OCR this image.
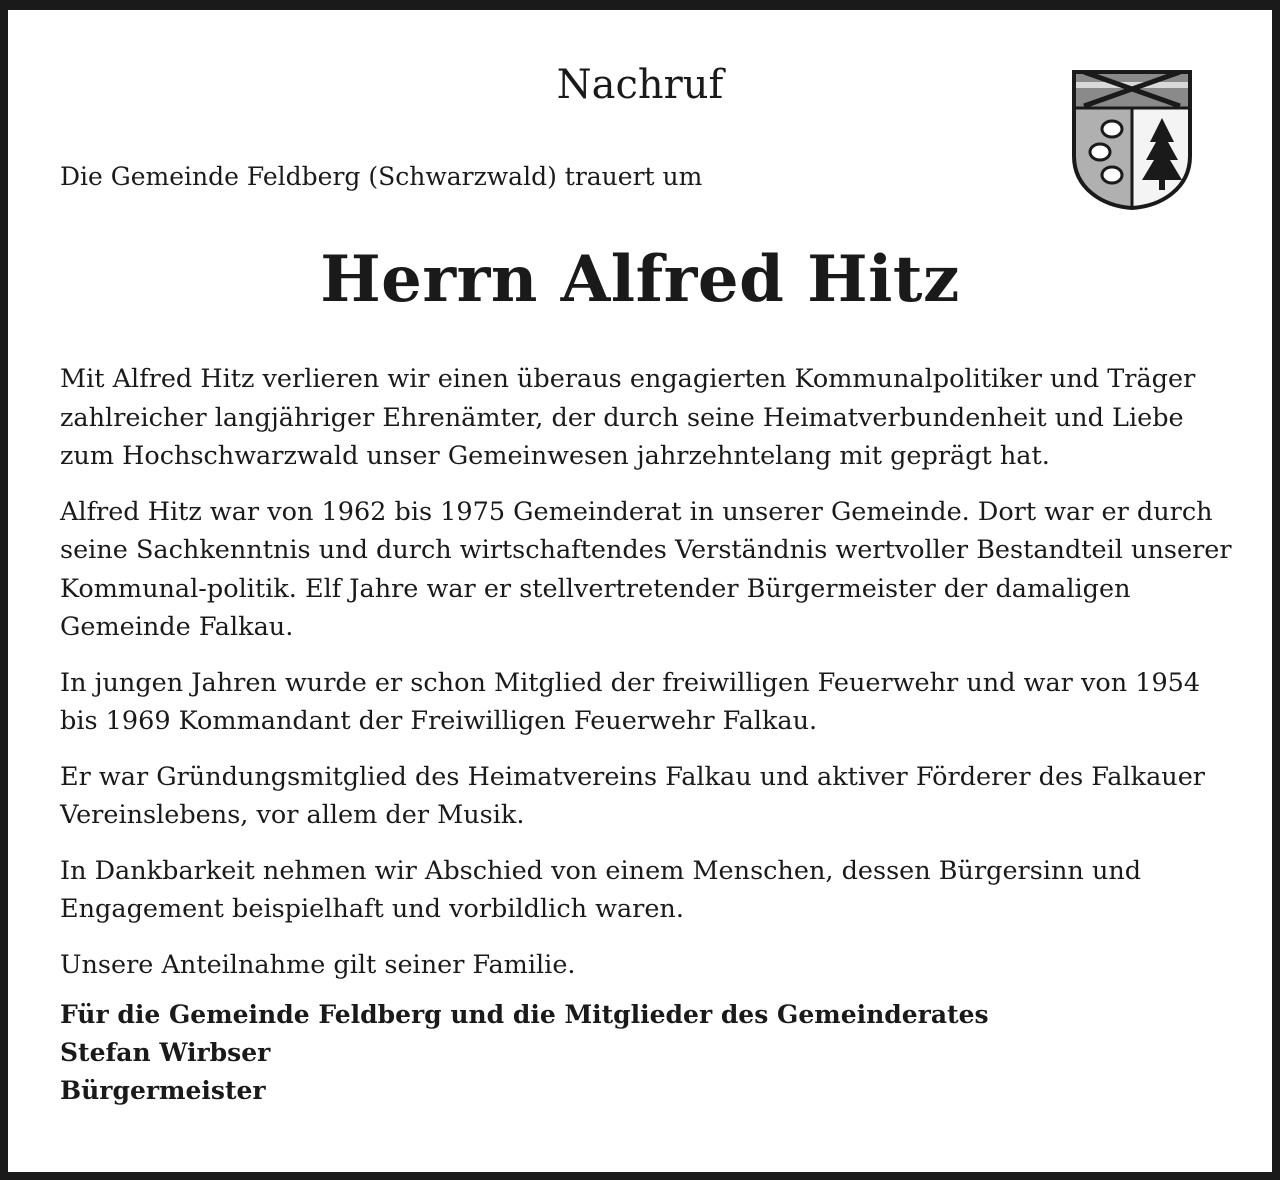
Nachruf

Die Gemeinde Feldberg (Schwarzwald) trauert um

Herrn Alfred Hitz

Mit Alfred Hitz verlieren wir einen überaus engagierten Kommunalpolitiker und Träger zahlreicher langjähriger Ehrenämter, der durch seine Heimatverbundenheit und Liebe zum Hochschwarzwald unser Gemeinwesen jahrzehntelang mit geprägt hat.

Alfred Hitz war von 1962 bis 1975 Gemeinderat in unserer Gemeinde. Dort war er durch seine Sachkenntnis und durch wirtschaftendes Verständnis wertvoller Bestandteil unserer Kommunal-politik. Elf Jahre war er stellvertretender Bürgermeister der damaligen Gemeinde Falkau.

In jungen Jahren wurde er schon Mitglied der freiwilligen Feuerwehr und war von 1954 bis 1969 Kommandant der Freiwilligen Feuerwehr Falkau.

Er war Gründungsmitglied des Heimatvereins Falkau und aktiver Förderer des Falkauer Vereinslebens, vor allem der Musik.

In Dankbarkeit nehmen wir Abschied von einem Menschen, dessen Bürgersinn und Engagement beispielhaft und vorbildlich waren.

Unsere Anteilnahme gilt seiner Familie.

Für die Gemeinde Feldberg und die Mitglieder des Gemeinderates
Stefan Wirbser
Bürgermeister
